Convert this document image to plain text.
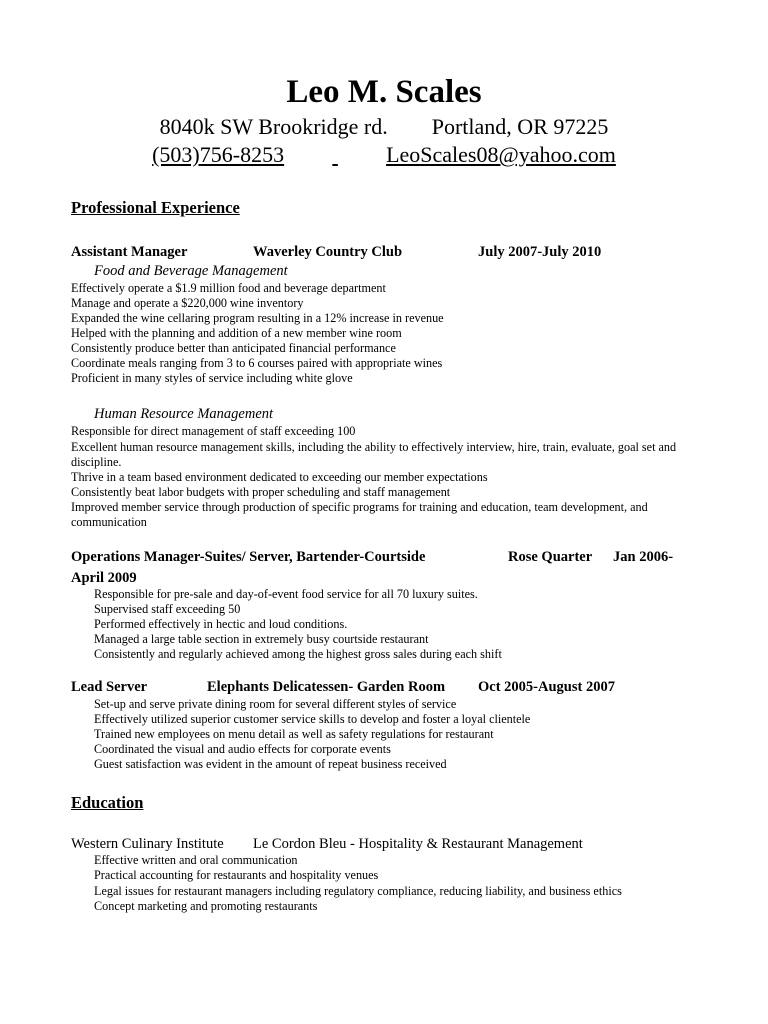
Leo M. Scales
8040k SW Brookridge rd. Portland, OR 97225
(503)756-8253	LeoScales08@yahoo.com
Professional Experience
Assistant Manager	Waverley Country Club	July 2007-July 2010
Food and Beverage Management
Effectively operate a $1.9 million food and beverage department
Manage and operate a $220,000 wine inventory
Expanded the wine cellaring program resulting in a 12% increase in revenue
Helped with the planning and addition of a new member wine room
Consistently produce better than anticipated financial performance
Coordinate meals ranging from 3 to 6 courses paired with appropriate wines
Proficient in many styles of service including white glove
Human Resource Management
Responsible for direct management of staff exceeding 100
Excellent human resource management skills, including the ability to effectively interview, hire, train, evaluate, goal set and
discipline.
Thrive in a team based environment dedicated to exceeding our member expectations
Consistently beat labor budgets with proper scheduling and staff management
Improved member service through production of specific programs for training and education, team development, and
communication
Operations Manager-Suites/ Server, Bartender-Courtside	Rose Quarter Jan 2006-
April 2009
Responsible for pre-sale and day-of-event food service for all 70 luxury suites.
Supervised staff exceeding 50
Performed effectively in hectic and loud conditions.
Managed a large table section in extremely busy courtside restaurant
Consistently and regularly achieved among the highest gross sales during each shift
Lead Server	Elephants Delicatessen- Garden Room Oct 2005-August 2007
Set-up and serve private dining room for several different styles of service
Effectively utilized superior customer service skills to develop and foster a loyal clientele
Trained new employees on menu detail as well as safety regulations for restaurant
Coordinated the visual and audio effects for corporate events
Guest satisfaction was evident in the amount of repeat business received
Education
Western Culinary Institute Le Cordon Bleu - Hospitality & Restaurant Management
Effective written and oral communication
Practical accounting for restaurants and hospitality venues
Legal issues for restaurant managers including regulatory compliance, reducing liability, and business ethics
Concept marketing and promoting restaurants
